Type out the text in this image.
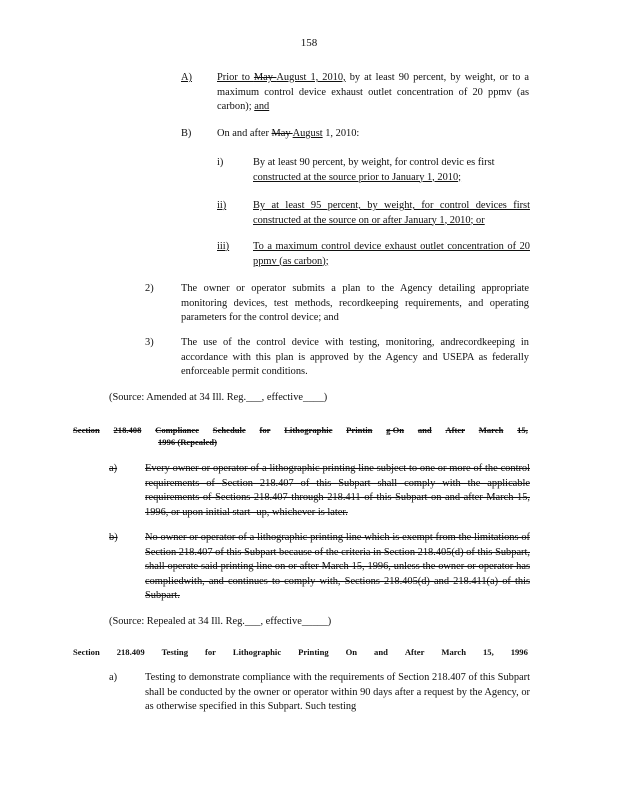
158
A) Prior to May August 1, 2010, by at least 90 percent, by weight, or to a maximum control device exhaust outlet concentration of 20 ppmv (as carbon); and
B) On and after May August 1, 2010:
i)	By at least 90 percent, by weight, for control devic es first
constructed at the source prior to January 1, 2010;
ii)	By at least 95 percent, by weight, for control devices first constructed at the source on or after January 1, 2010; or
iii) To a maximum control device exhaust outlet concentration of 20 ppmv (as carbon);
2)	The owner or operator submits a plan to the Agency detailing appropriate monitoring devices, test methods, recordkeeping requirements, and operating parameters for the control device; and
3)	The use of the control device with testing, monitoring, andrecordkeeping in accordance with this plan is approved by the Agency and USEPA as federally enforceable permit conditions.
(Source: Amended at 34 Ill. Reg.___, effective____)
Section 218.408 Compliance Schedule for Lithographic Printin g On and After March 15,
1996 (Repealed)
a)	Every owner or operator of a lithographic printing line subject to one or more of the control requirements of Section 218.407 of this Subpart shall comply with the applicable requirements of Sections 218.407 through 218.411 of this Subpart on and after March 15, 1996, or upon initial start -up, whichever is later.
b)	No owner or operator of a lithographic printing line which is exempt from the limitations of Section 218.407 of this Subpart because of the criteria in Section 218.405(d) of this Subpart, shall operate said printing line on or after March 15, 1996, unless the owner or operator has compliedwith, and continues to comply with, Sections 218.405(d) and 218.411(a) of this Subpart.
(Source: Repealed at 34 Ill. Reg.___, effective_____)
Section 218.409 Testing for Lithographic Printing On and After March 15, 1996
a)	Testing to demonstrate compliance with the requirements of Section 218.407 of this Subpart shall be conducted by the owner or operator within 90 days after a request by the Agency, or as otherwise specified in this Subpart. Such testing
